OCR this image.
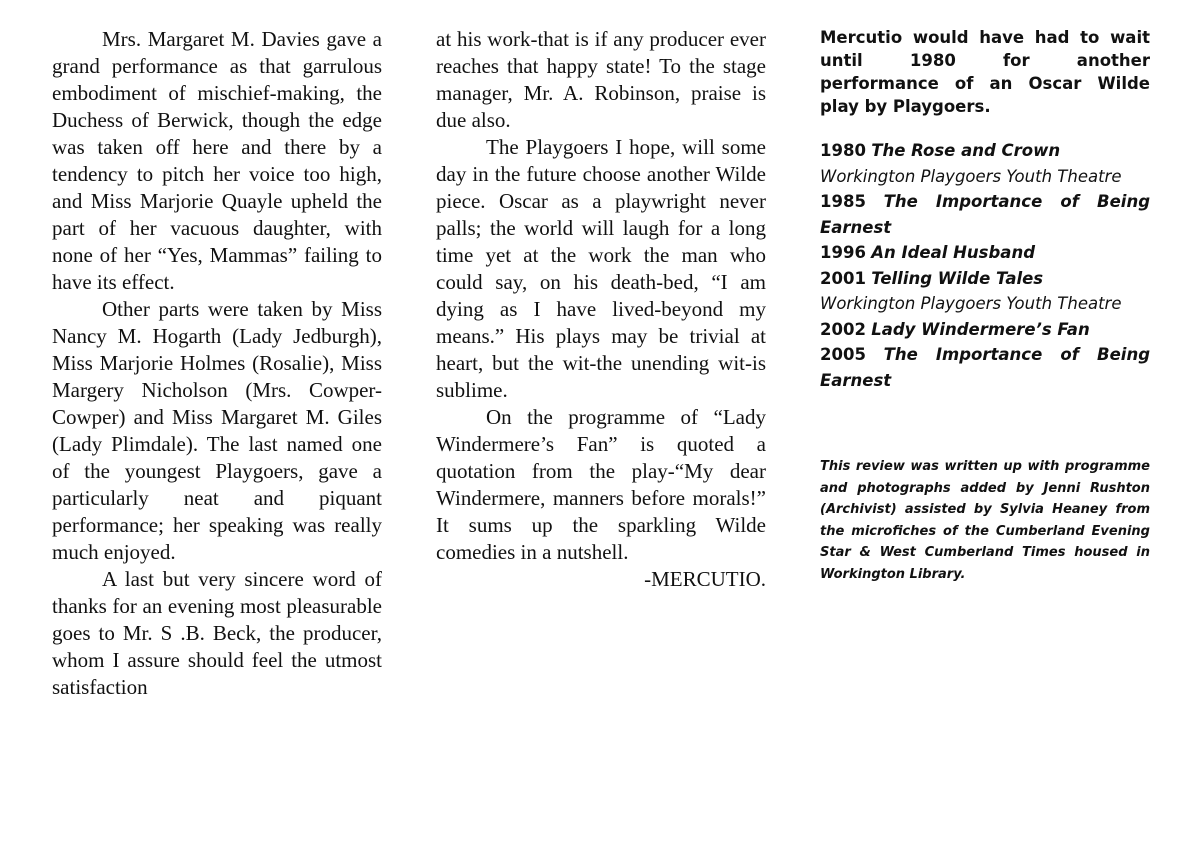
Mrs. Margaret M. Davies gave a grand performance as that garrulous embodiment of mischief-making, the Duchess of Berwick, though the edge was taken off here and there by a tendency to pitch her voice too high, and Miss Marjorie Quayle upheld the part of her vacuous daughter, with none of her “Yes, Mammas” failing to have its effect.

Other parts were taken by Miss Nancy M. Hogarth (Lady Jedburgh), Miss Marjorie Holmes (Rosalie), Miss Margery Nicholson (Mrs. Cowper-Cowper) and Miss Margaret M. Giles (Lady Plimdale). The last named one of the youngest Playgoers, gave a particularly neat and piquant performance; her speaking was really much enjoyed.

A last but very sincere word of thanks for an evening most pleasurable goes to Mr. S .B. Beck, the producer, whom I assure should feel the utmost satisfaction

at his work-that is if any producer ever reaches that happy state! To the stage manager, Mr. A. Robinson, praise is due also.

The Playgoers I hope, will some day in the future choose another Wilde piece. Oscar as a playwright never palls; the world will laugh for a long time yet at the work the man who could say, on his death-bed, “I am dying as I have lived-beyond my means.” His plays may be trivial at heart, but the wit-the unending wit-is sublime.

On the programme of “Lady Windermere’s Fan” is quoted a quotation from the play-“My dear Windermere, manners before morals!” It sums up the sparkling Wilde comedies in a nutshell.

-MERCUTIO.

Mercutio would have had to wait until 1980 for another performance of an Oscar Wilde play by Playgoers.

1980 The Rose and Crown
Workington Playgoers Youth Theatre
1985 The Importance of Being Earnest
1996 An Ideal Husband
2001 Telling Wilde Tales
Workington Playgoers Youth Theatre
2002 Lady Windermere’s Fan
2005 The Importance of Being Earnest

This review was written up with programme and photographs added by Jenni Rushton (Archivist) assisted by Sylvia Heaney from the microfiches of the Cumberland Evening Star & West Cumberland Times housed in Workington Library.
